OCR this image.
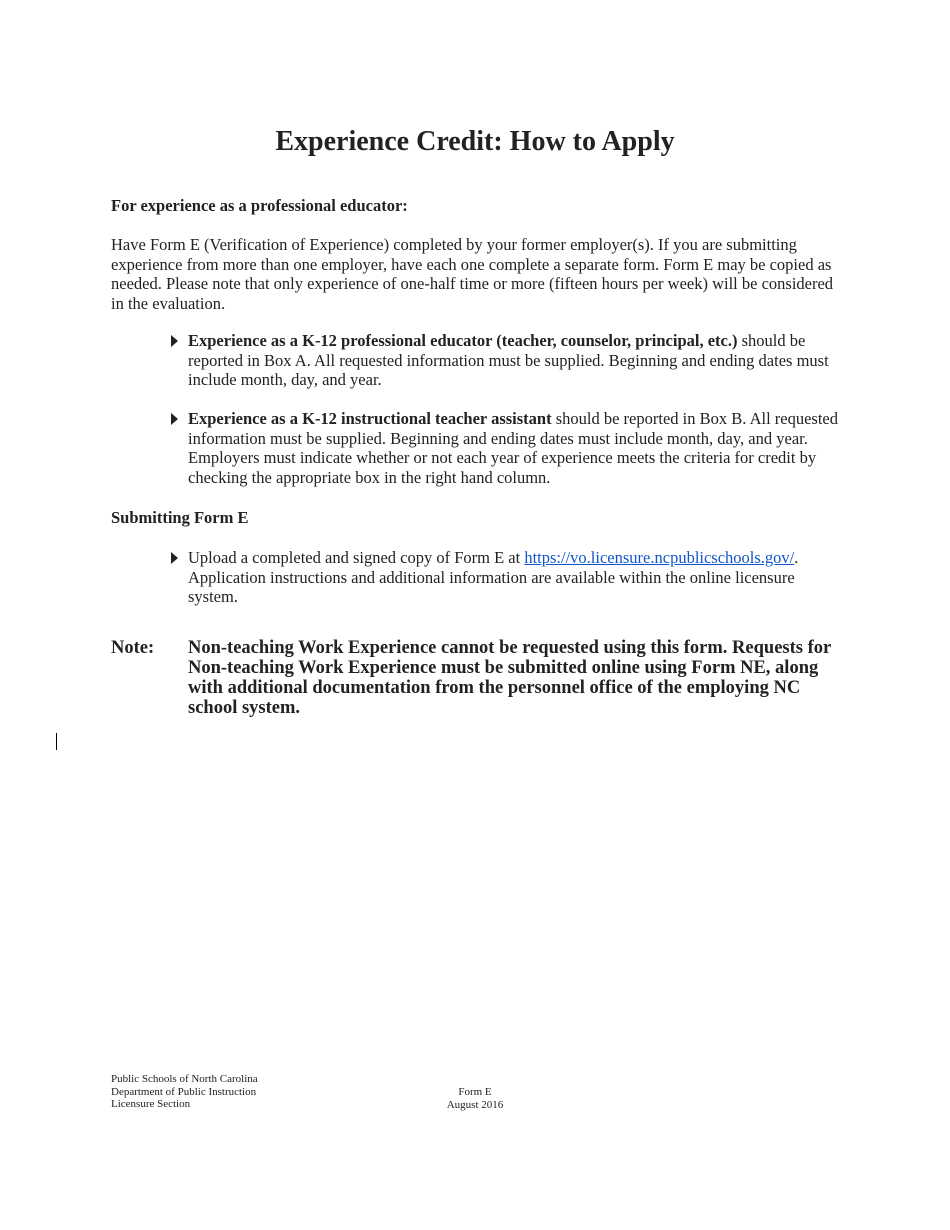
Experience Credit: How to Apply

For experience as a professional educator:

Have Form E (Verification of Experience) completed by your former employer(s). If you are submitting experience from more than one employer, have each one complete a separate form. Form E may be copied as needed. Please note that only experience of one-half time or more (fifteen hours per week) will be considered in the evaluation.

Experience as a K-12 professional educator (teacher, counselor, principal, etc.) should be reported in Box A. All requested information must be supplied. Beginning and ending dates must include month, day, and year.
Experience as a K-12 instructional teacher assistant should be reported in Box B. All requested information must be supplied. Beginning and ending dates must include month, day, and year. Employers must indicate whether or not each year of experience meets the criteria for credit by checking the appropriate box in the right hand column.

Submitting Form E

Upload a completed and signed copy of Form E at https://vo.licensure.ncpublicschools.gov/. Application instructions and additional information are available within the online licensure system.
Note: Non-teaching Work Experience cannot be requested using this form. Requests for Non-teaching Work Experience must be submitted online using Form NE, along with additional documentation from the personnel office of the employing NC school system.
Public Schools of North Carolina
Department of Public Instruction
Licensure Section
Form E
August 2016
